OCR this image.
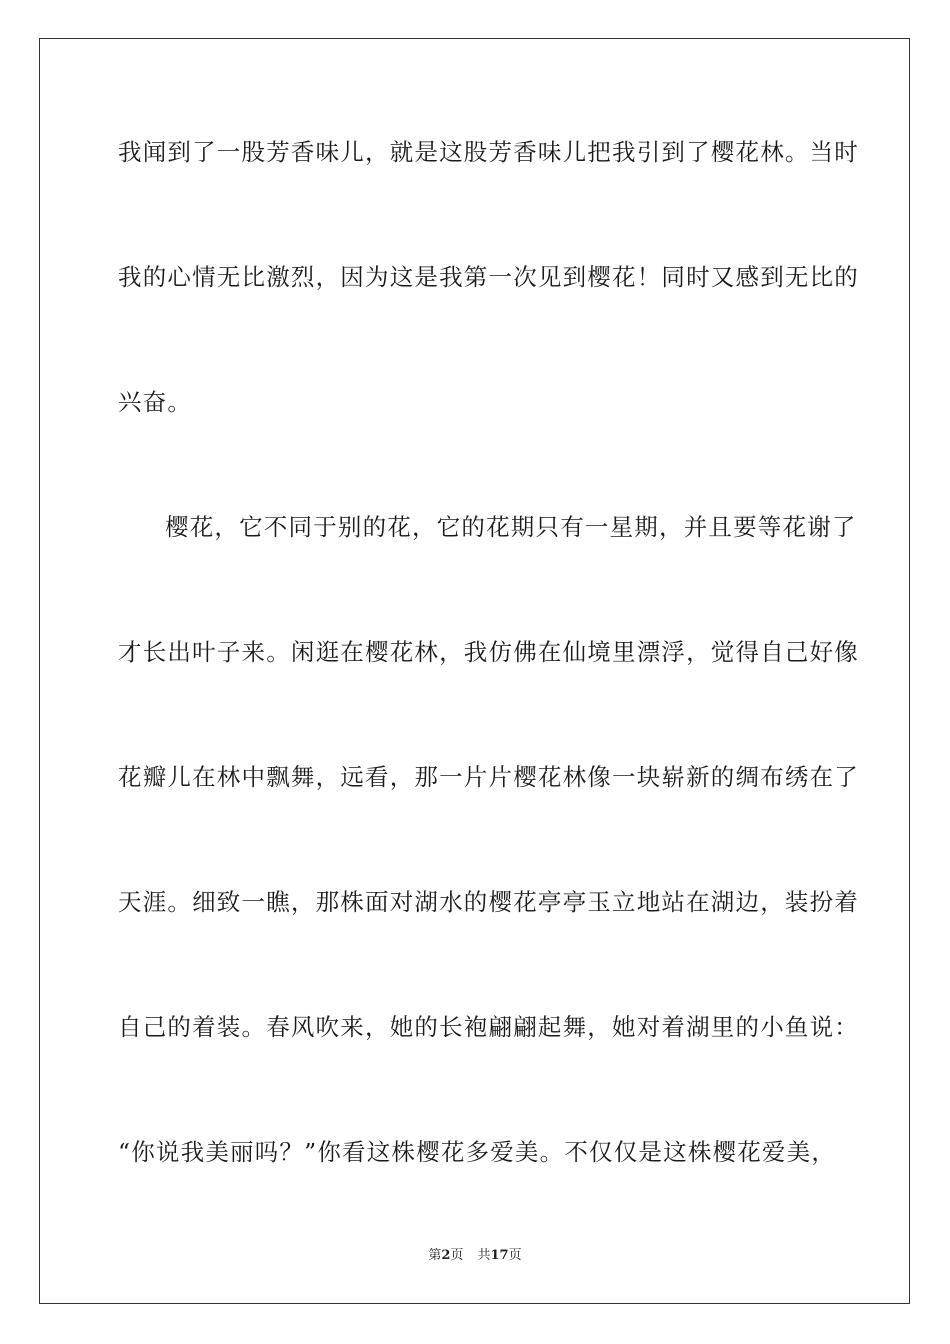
我闻到了一股芳香味儿，就是这股芳香味儿把我引到了樱花林。当时
我的心情无比激烈，因为这是我第一次见到樱花！同时又感到无比的
兴奋。
樱花，它不同于别的花，它的花期只有一星期，并且要等花谢了
才长出叶子来。闲逛在樱花林，我仿佛在仙境里漂浮，觉得自己好像
花瓣儿在林中飘舞，远看，那一片片樱花林像一块崭新的绸布绣在了
天涯。细致一瞧，那株面对湖水的樱花亭亭玉立地站在湖边，装扮着
自己的着装。春风吹来，她的长袍翩翩起舞，她对着湖里的小鱼说：
“你说我美丽吗？”你看这株樱花多爱美。不仅仅是这株樱花爱美，
第2页 共17页
